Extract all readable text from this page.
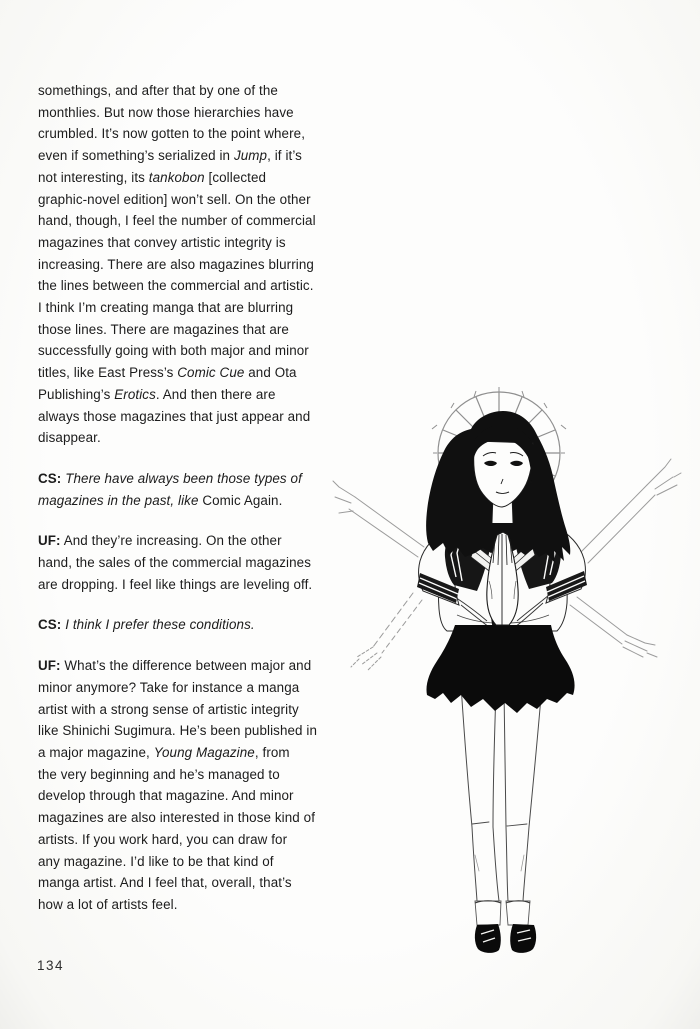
somethings, and after that by one of the
monthlies. But now those hierarchies have
crumbled. It’s now gotten to the point where,
even if something’s serialized in Jump, if it’s
not interesting, its tankobon [collected
graphic-novel edition] won’t sell. On the other
hand, though, I feel the number of commercial
magazines that convey artistic integrity is
increasing. There are also magazines blurring
the lines between the commercial and artistic.
I think I’m creating manga that are blurring
those lines. There are magazines that are
successfully going with both major and minor
titles, like East Press’s Comic Cue and Ota
Publishing’s Erotics. And then there are
always those magazines that just appear and
disappear.
CS: There have always been those types of
magazines in the past, like Comic Again.
UF: And they’re increasing. On the other
hand, the sales of the commercial magazines
are dropping. I feel like things are leveling off.
CS: I think I prefer these conditions.
UF: What’s the difference between major and
minor anymore? Take for instance a manga
artist with a strong sense of artistic integrity
like Shinichi Sugimura. He’s been published in
a major magazine, Young Magazine, from
the very beginning and he’s managed to
develop through that magazine. And minor
magazines are also interested in those kind of
artists. If you work hard, you can draw for
any magazine. I’d like to be that kind of
manga artist. And I feel that, overall, that’s
how a lot of artists feel.
134
